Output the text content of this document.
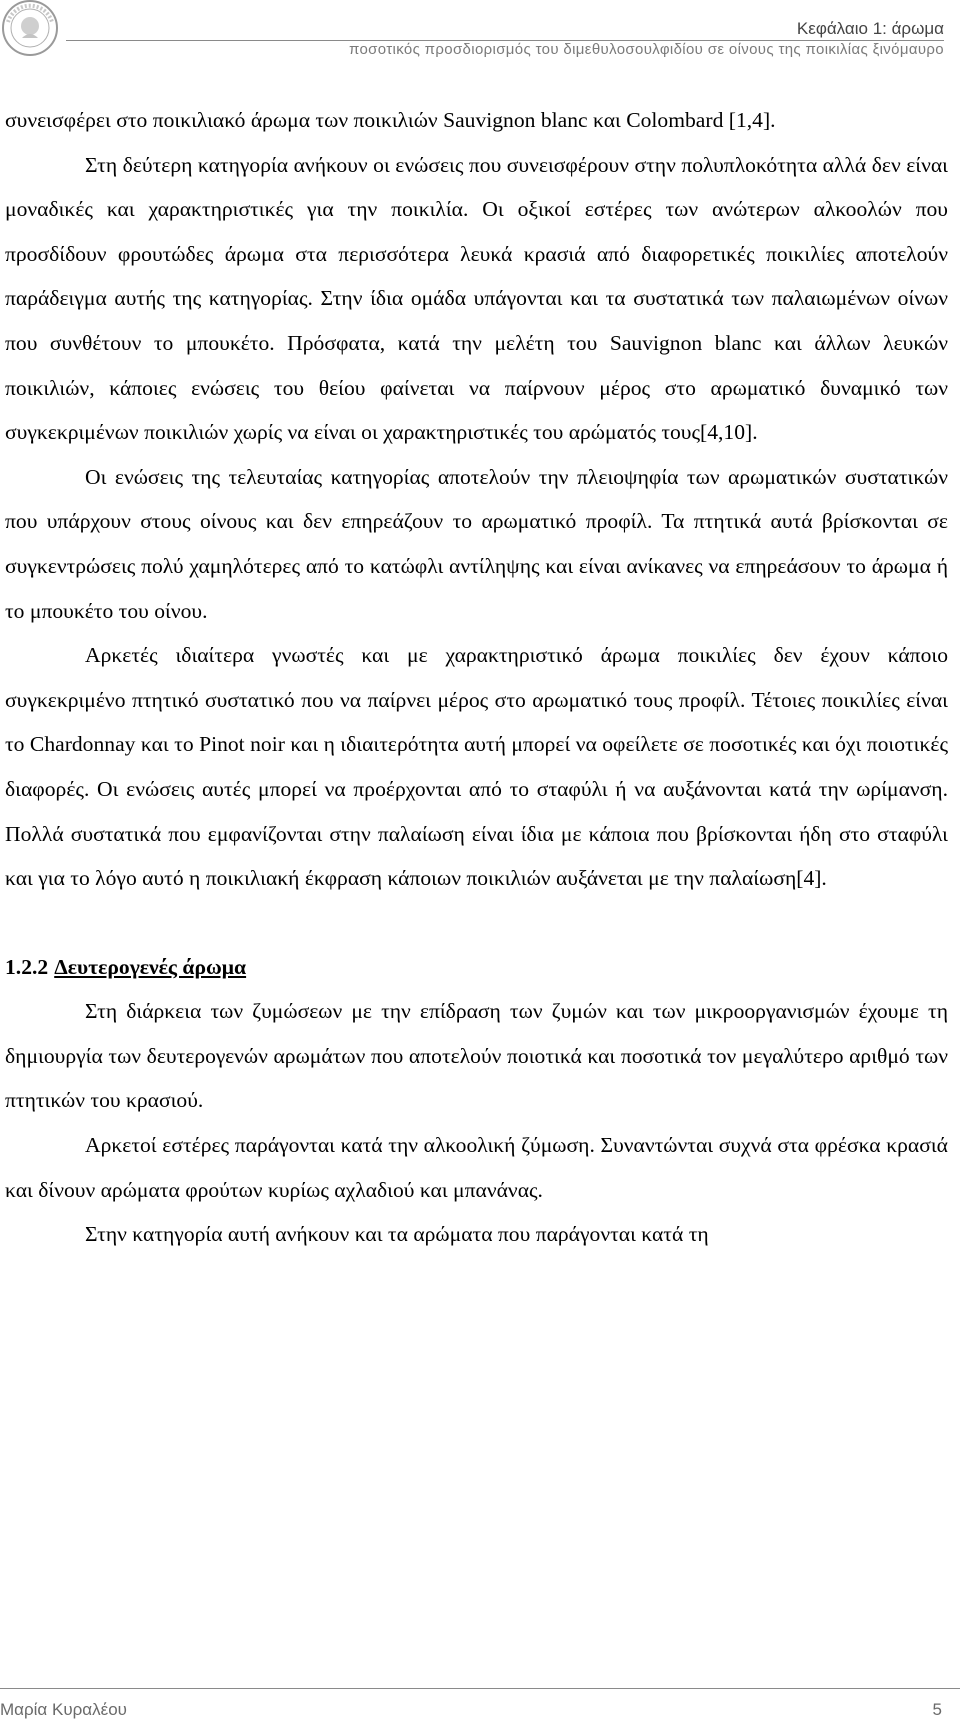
Κεφάλαιο 1: άρωμα
ποσοτικός προσδιορισμός του διμεθυλοσουλφιδίου σε οίνους της ποικιλίας ξινόμαυρο

συνεισφέρει στο ποικιλιακό άρωμα των ποικιλιών Sauvignon blanc και Colombard [1,4].

Στη δεύτερη κατηγορία ανήκουν οι ενώσεις που συνεισφέρουν στην πολυπλοκότητα αλλά δεν είναι μοναδικές και χαρακτηριστικές για την ποικιλία. Οι οξικοί εστέρες των ανώτερων αλκοολών που προσδίδουν φρουτώδες άρωμα στα περισσότερα λευκά κρασιά από διαφορετικές ποικιλίες αποτελούν παράδειγμα αυτής της κατηγορίας. Στην ίδια ομάδα υπάγονται και τα συστατικά των παλαιωμένων οίνων που συνθέτουν το μπουκέτο. Πρόσφατα, κατά την μελέτη του Sauvignon blanc και άλλων λευκών ποικιλιών, κάποιες ενώσεις του θείου φαίνεται να παίρνουν μέρος στο αρωματικό δυναμικό των συγκεκριμένων ποικιλιών χωρίς να είναι οι χαρακτηριστικές του αρώματός τους[4,10].

Οι ενώσεις της τελευταίας κατηγορίας αποτελούν την πλειοψηφία των αρωματικών συστατικών που υπάρχουν στους οίνους και δεν επηρεάζουν το αρωματικό προφίλ. Τα πτητικά αυτά βρίσκονται σε συγκεντρώσεις πολύ χαμηλότερες από το κατώφλι αντίληψης και είναι ανίκανες να επηρεάσουν το άρωμα ή το μπουκέτο του οίνου.

Αρκετές ιδιαίτερα γνωστές και με χαρακτηριστικό άρωμα ποικιλίες δεν έχουν κάποιο συγκεκριμένο πτητικό συστατικό που να παίρνει μέρος στο αρωματικό τους προφίλ. Τέτοιες ποικιλίες είναι το Chardonnay και το Pinot noir και η ιδιαιτερότητα αυτή μπορεί να οφείλετε σε ποσοτικές και όχι ποιοτικές διαφορές. Οι ενώσεις αυτές μπορεί να προέρχονται από το σταφύλι ή να αυξάνονται κατά την ωρίμανση. Πολλά συστατικά που εμφανίζονται στην παλαίωση είναι ίδια με κάποια που βρίσκονται ήδη στο σταφύλι και για το λόγο αυτό η ποικιλιακή έκφραση κάποιων ποικιλιών αυξάνεται με την παλαίωση[4].

1.2.2 Δευτερογενές άρωμα

Στη διάρκεια των ζυμώσεων με την επίδραση των ζυμών και των μικροοργανισμών έχουμε τη δημιουργία των δευτερογενών αρωμάτων που αποτελούν ποιοτικά και ποσοτικά τον μεγαλύτερο αριθμό των πτητικών του κρασιού.

Αρκετοί εστέρες παράγονται κατά την αλκοολική ζύμωση. Συναντώνται συχνά στα φρέσκα κρασιά και δίνουν αρώματα φρούτων κυρίως αχλαδιού και μπανάνας.

Στην κατηγορία αυτή ανήκουν και τα αρώματα που παράγονται κατά τη

Μαρία Κυραλέου	5
